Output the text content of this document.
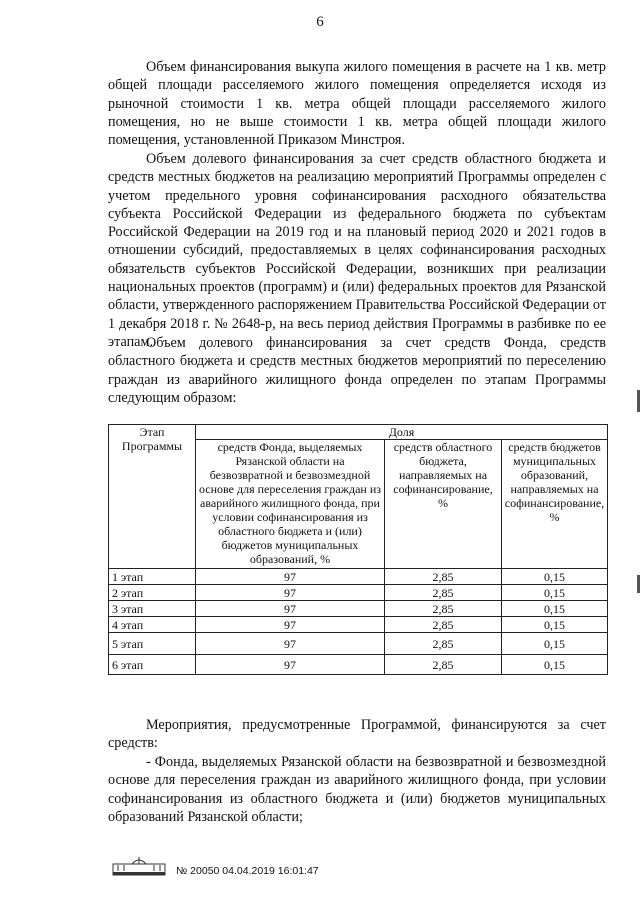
6

Объем финансирования выкупа жилого помещения в расчете на 1 кв. метр общей площади расселяемого жилого помещения определяется исходя из рыночной стоимости 1 кв. метра общей площади расселяемого жилого помещения, но не выше стоимости 1 кв. метра общей площади жилого помещения, установленной Приказом Минстроя.

Объем долевого финансирования за счет средств областного бюджета и средств местных бюджетов на реализацию мероприятий Программы определен с учетом предельного уровня софинансирования расходного обязательства субъекта Российской Федерации из федерального бюджета по субъектам Российской Федерации на 2019 год и на плановый период 2020 и 2021 годов в отношении субсидий, предоставляемых в целях софинансирования расходных обязательств субъектов Российской Федерации, возникших при реализации национальных проектов (программ) и (или) федеральных проектов для Рязанской области, утвержденного распоряжением Правительства Российской Федерации от 1 декабря 2018 г. № 2648-р, на весь период действия Программы в разбивке по ее этапам.

Объем долевого финансирования за счет средств Фонда, средств областного бюджета и средств местных бюджетов мероприятий по переселению граждан из аварийного жилищного фонда определен по этапам Программы следующим образом:

Этап Программы	Доля		
	средств Фонда, выделяемых Рязанской области на безвозвратной и безвозмездной основе для переселения граждан из аварийного жилищного фонда, при условии софинансирования из областного бюджета и (или) бюджетов муниципальных образований, %	средств областного бюджета, направляемых на софинансирование, %	средств бюджетов муниципальных образований, направляемых на софинансирование, %
1 этап	97	2,85	0,15
2 этап	97	2,85	0,15
3 этап	97	2,85	0,15
4 этап	97	2,85	0,15
5 этап	97	2,85	0,15
6 этап	97	2,85	0,15

Мероприятия, предусмотренные Программой, финансируются за счет средств:

- Фонда, выделяемых Рязанской области на безвозвратной и безвозмездной основе для переселения граждан из аварийного жилищного фонда, при условии софинансирования из областного бюджета и (или) бюджетов муниципальных образований Рязанской области;

№ 20050 04.04.2019 16:01:47
